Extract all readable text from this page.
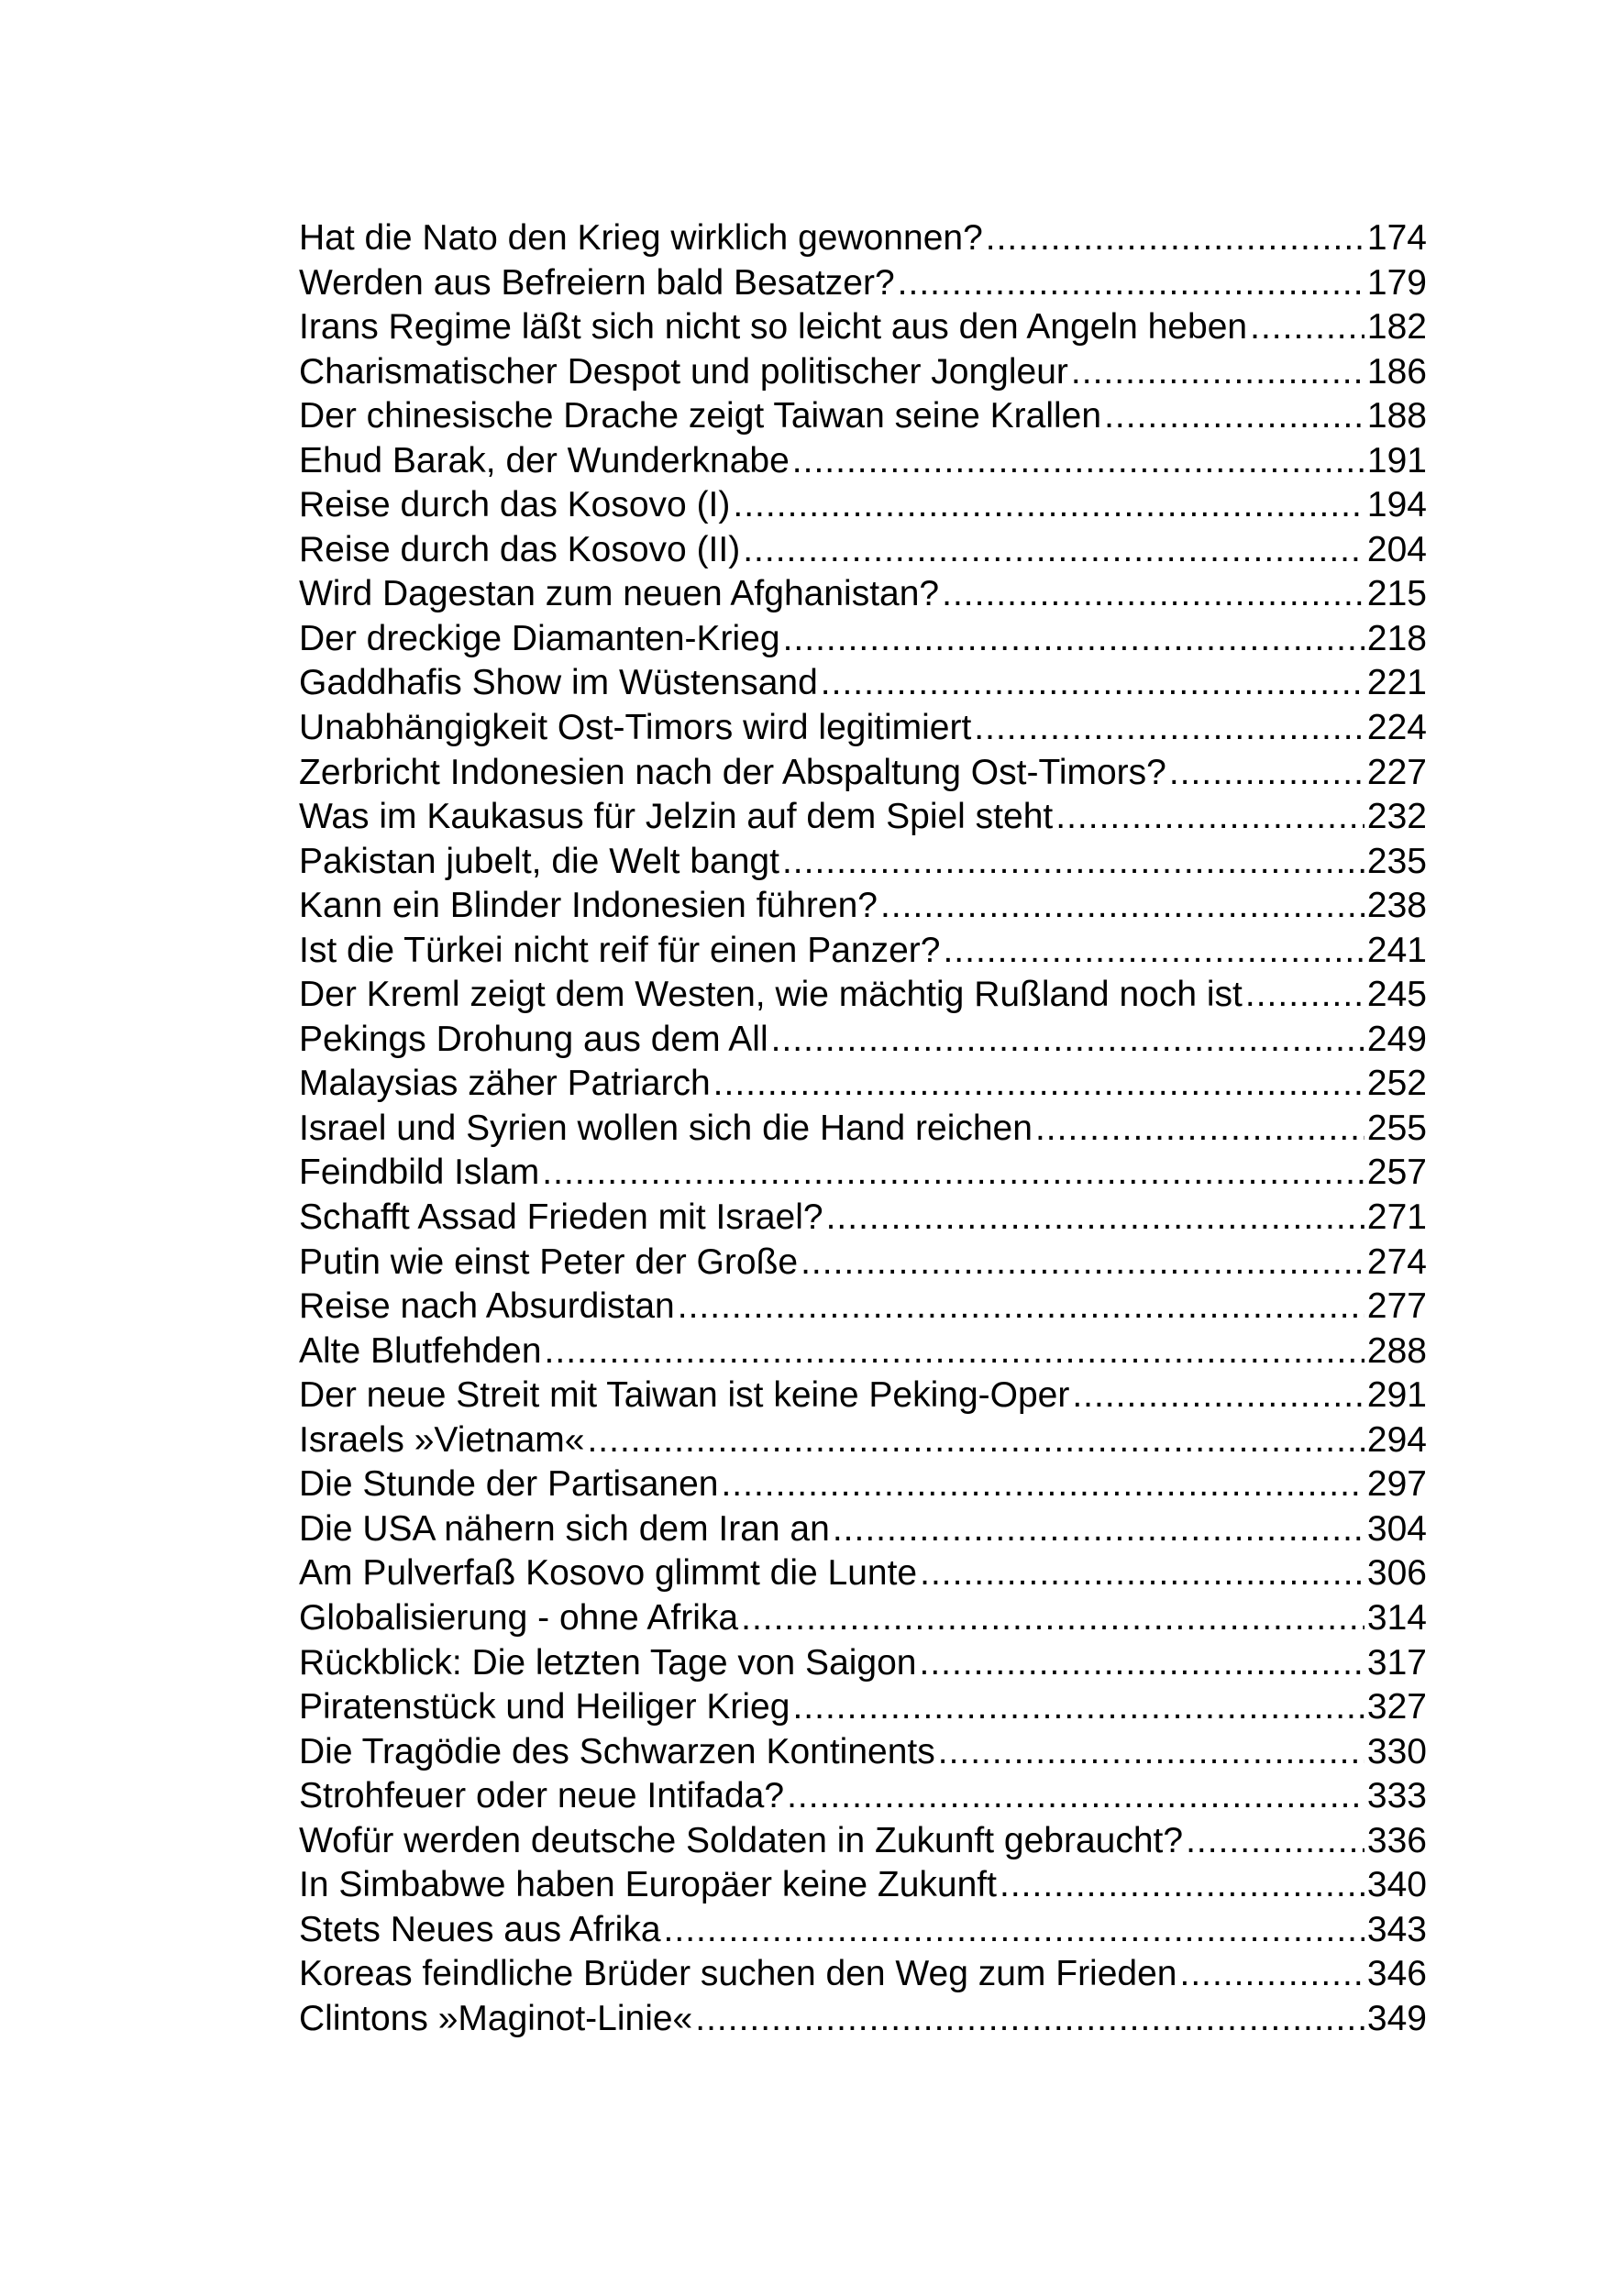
Hat die Nato den Krieg wirklich gewonnen? .....	174
Werden aus Befreiern bald Besatzer? .....	179
Irans Regime läßt sich nicht so leicht aus den Angeln heben .....	182
Charismatischer Despot und politischer Jongleur .....	186
Der chinesische Drache zeigt Taiwan seine Krallen .....	188
Ehud Barak, der Wunderknabe .....	191
Reise durch das Kosovo (I) .....	194
Reise durch das Kosovo (II) .....	204
Wird Dagestan zum neuen Afghanistan? .....	215
Der dreckige Diamanten-Krieg .....	218
Gaddhafis Show im Wüstensand .....	221
Unabhängigkeit Ost-Timors wird legitimiert .....	224
Zerbricht Indonesien nach der Abspaltung Ost-Timors? .....	227
Was im Kaukasus für Jelzin auf dem Spiel steht .....	232
Pakistan jubelt, die Welt bangt .....	235
Kann ein Blinder Indonesien führen? .....	238
Ist die Türkei nicht reif für einen Panzer? .....	241
Der Kreml zeigt dem Westen, wie mächtig Rußland noch ist .....	245
Pekings Drohung aus dem All .....	249
Malaysias zäher Patriarch .....	252
Israel und Syrien wollen sich die Hand reichen .....	255
Feindbild Islam .....	257
Schafft Assad Frieden mit Israel? .....	271
Putin wie einst Peter der Große .....	274
Reise nach Absurdistan .....	277
Alte Blutfehden .....	288
Der neue Streit mit Taiwan ist keine Peking-Oper .....	291
Israels »Vietnam« .....	294
Die Stunde der Partisanen .....	297
Die USA nähern sich dem Iran an .....	304
Am Pulverfaß Kosovo glimmt die Lunte .....	306
Globalisierung - ohne Afrika .....	314
Rückblick: Die letzten Tage von Saigon .....	317
Piratenstück und Heiliger Krieg .....	327
Die Tragödie des Schwarzen Kontinents .....	330
Strohfeuer oder neue Intifada? .....	333
Wofür werden deutsche Soldaten in Zukunft gebraucht? .....	336
In Simbabwe haben Europäer keine Zukunft .....	340
Stets Neues aus Afrika .....	343
Koreas feindliche Brüder suchen den Weg zum Frieden .....	346
Clintons »Maginot-Linie« .....	349
